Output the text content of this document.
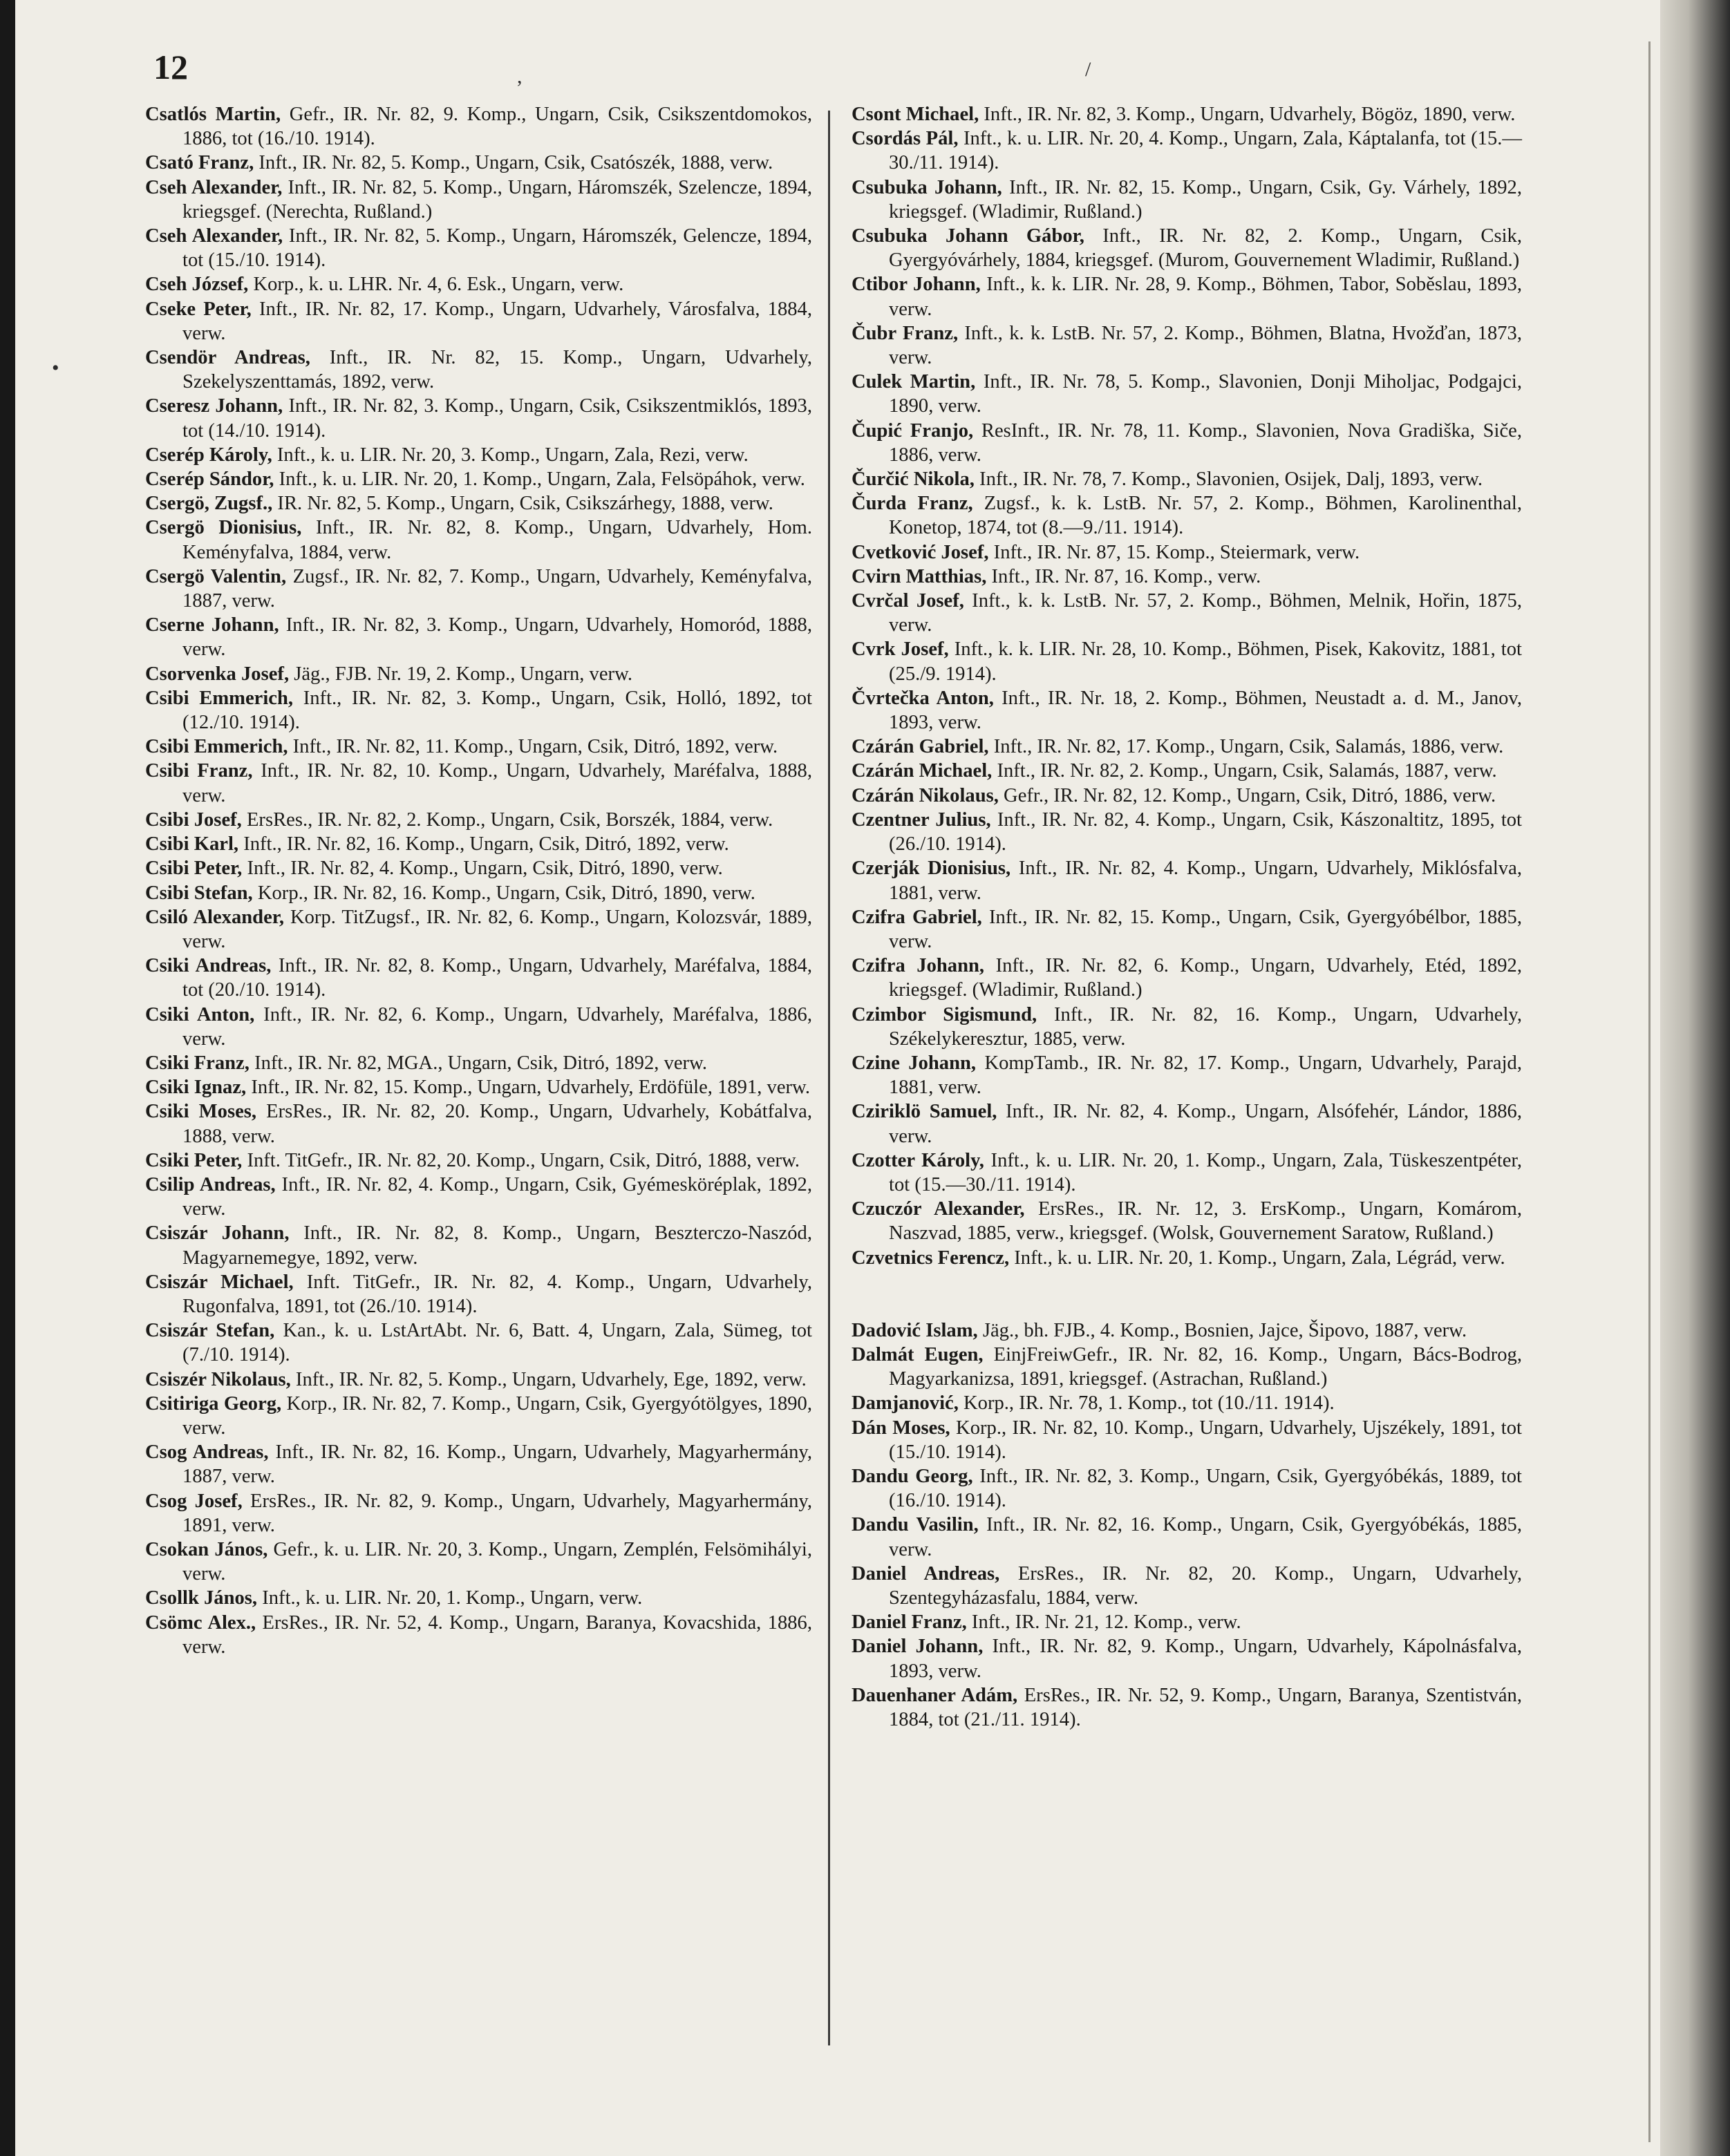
12	,	/
•
Csatlós Martin, Gefr., IR. Nr. 82, 9. Komp., Ungarn, Csik, Csikszentdomokos, 1886, tot (16./10. 1914).
Csató Franz, Inft., IR. Nr. 82, 5. Komp., Ungarn, Csik, Csatószék, 1888, verw.
Cseh Alexander, Inft., IR. Nr. 82, 5. Komp., Ungarn, Háromszék, Szelencze, 1894, kriegsgef. (Nerechta, Rußland.)
Cseh Alexander, Inft., IR. Nr. 82, 5. Komp., Ungarn, Háromszék, Gelencze, 1894, tot (15./10. 1914).
Cseh József, Korp., k. u. LHR. Nr. 4, 6. Esk., Ungarn, verw.
Cseke Peter, Inft., IR. Nr. 82, 17. Komp., Ungarn, Udvarhely, Városfalva, 1884, verw.
Csendör Andreas, Inft., IR. Nr. 82, 15. Komp., Ungarn, Udvarhely, Szekelyszenttamás, 1892, verw.
Cseresz Johann, Inft., IR. Nr. 82, 3. Komp., Ungarn, Csik, Csikszentmiklós, 1893, tot (14./10. 1914).
Cserép Károly, Inft., k. u. LIR. Nr. 20, 3. Komp., Ungarn, Zala, Rezi, verw.
Cserép Sándor, Inft., k. u. LIR. Nr. 20, 1. Komp., Ungarn, Zala, Felsöpáhok, verw.
Csergö, Zugsf., IR. Nr. 82, 5. Komp., Ungarn, Csik, Csikszárhegy, 1888, verw.
Csergö Dionisius, Inft., IR. Nr. 82, 8. Komp., Ungarn, Udvarhely, Hom. Keményfalva, 1884, verw.
Csergö Valentin, Zugsf., IR. Nr. 82, 7. Komp., Ungarn, Udvarhely, Keményfalva, 1887, verw.
Cserne Johann, Inft., IR. Nr. 82, 3. Komp., Ungarn, Udvarhely, Homoród, 1888, verw.
Csorvenka Josef, Jäg., FJB. Nr. 19, 2. Komp., Ungarn, verw.
Csibi Emmerich, Inft., IR. Nr. 82, 3. Komp., Ungarn, Csik, Holló, 1892, tot (12./10. 1914).
Csibi Emmerich, Inft., IR. Nr. 82, 11. Komp., Ungarn, Csik, Ditró, 1892, verw.
Csibi Franz, Inft., IR. Nr. 82, 10. Komp., Ungarn, Udvarhely, Maréfalva, 1888, verw.
Csibi Josef, ErsRes., IR. Nr. 82, 2. Komp., Ungarn, Csik, Borszék, 1884, verw.
Csibi Karl, Inft., IR. Nr. 82, 16. Komp., Ungarn, Csik, Ditró, 1892, verw.
Csibi Peter, Inft., IR. Nr. 82, 4. Komp., Ungarn, Csik, Ditró, 1890, verw.
Csibi Stefan, Korp., IR. Nr. 82, 16. Komp., Ungarn, Csik, Ditró, 1890, verw.
Csiló Alexander, Korp. TitZugsf., IR. Nr. 82, 6. Komp., Ungarn, Kolozsvár, 1889, verw.
Csiki Andreas, Inft., IR. Nr. 82, 8. Komp., Ungarn, Udvarhely, Maréfalva, 1884, tot (20./10. 1914).
Csiki Anton, Inft., IR. Nr. 82, 6. Komp., Ungarn, Udvarhely, Maréfalva, 1886, verw.
Csiki Franz, Inft., IR. Nr. 82, MGA., Ungarn, Csik, Ditró, 1892, verw.
Csiki Ignaz, Inft., IR. Nr. 82, 15. Komp., Ungarn, Udvarhely, Erdöfüle, 1891, verw.
Csiki Moses, ErsRes., IR. Nr. 82, 20. Komp., Ungarn, Udvarhely, Kobátfalva, 1888, verw.
Csiki Peter, Inft. TitGefr., IR. Nr. 82, 20. Komp., Ungarn, Csik, Ditró, 1888, verw.
Csilip Andreas, Inft., IR. Nr. 82, 4. Komp., Ungarn, Csik, Gyémesköréplak, 1892, verw.
Csiszár Johann, Inft., IR. Nr. 82, 8. Komp., Ungarn, Beszterczo-Naszód, Magyarnemegye, 1892, verw.
Csiszár Michael, Inft. TitGefr., IR. Nr. 82, 4. Komp., Ungarn, Udvarhely, Rugonfalva, 1891, tot (26./10. 1914).
Csiszár Stefan, Kan., k. u. LstArtAbt. Nr. 6, Batt. 4, Ungarn, Zala, Sümeg, tot (7./10. 1914).
Csiszér Nikolaus, Inft., IR. Nr. 82, 5. Komp., Ungarn, Udvarhely, Ege, 1892, verw.
Csitiriga Georg, Korp., IR. Nr. 82, 7. Komp., Ungarn, Csik, Gyergyótölgyes, 1890, verw.
Csog Andreas, Inft., IR. Nr. 82, 16. Komp., Ungarn, Udvarhely, Magyarhermány, 1887, verw.
Csog Josef, ErsRes., IR. Nr. 82, 9. Komp., Ungarn, Udvarhely, Magyarhermány, 1891, verw.
Csokan János, Gefr., k. u. LIR. Nr. 20, 3. Komp., Ungarn, Zemplén, Felsömihályi, verw.
Csollk János, Inft., k. u. LIR. Nr. 20, 1. Komp., Ungarn, verw.
Csömc Alex., ErsRes., IR. Nr. 52, 4. Komp., Ungarn, Baranya, Kovacshida, 1886, verw.
Csont Michael, Inft., IR. Nr. 82, 3. Komp., Ungarn, Udvarhely, Bögöz, 1890, verw.
Csordás Pál, Inft., k. u. LIR. Nr. 20, 4. Komp., Ungarn, Zala, Káptalanfa, tot (15.—30./11. 1914).
Csubuka Johann, Inft., IR. Nr. 82, 15. Komp., Ungarn, Csik, Gy. Várhely, 1892, kriegsgef. (Wladimir, Rußland.)
Csubuka Johann Gábor, Inft., IR. Nr. 82, 2. Komp., Ungarn, Csik, Gyergyóvárhely, 1884, kriegsgef. (Murom, Gouvernement Wladimir, Rußland.)
Ctibor Johann, Inft., k. k. LIR. Nr. 28, 9. Komp., Böhmen, Tabor, Soběslau, 1893, verw.
Čubr Franz, Inft., k. k. LstB. Nr. 57, 2. Komp., Böhmen, Blatna, Hvožďan, 1873, verw.
Culek Martin, Inft., IR. Nr. 78, 5. Komp., Slavonien, Donji Miholjac, Podgajci, 1890, verw.
Čupić Franjo, ResInft., IR. Nr. 78, 11. Komp., Slavonien, Nova Gradiška, Siče, 1886, verw.
Čurčić Nikola, Inft., IR. Nr. 78, 7. Komp., Slavonien, Osijek, Dalj, 1893, verw.
Čurda Franz, Zugsf., k. k. LstB. Nr. 57, 2. Komp., Böhmen, Karolinenthal, Konetop, 1874, tot (8.—9./11. 1914).
Cvetković Josef, Inft., IR. Nr. 87, 15. Komp., Steiermark, verw.
Cvirn Matthias, Inft., IR. Nr. 87, 16. Komp., verw.
Cvrčal Josef, Inft., k. k. LstB. Nr. 57, 2. Komp., Böhmen, Melnik, Hořin, 1875, verw.
Cvrk Josef, Inft., k. k. LIR. Nr. 28, 10. Komp., Böhmen, Pisek, Kakovitz, 1881, tot (25./9. 1914).
Čvrtečka Anton, Inft., IR. Nr. 18, 2. Komp., Böhmen, Neustadt a. d. M., Janov, 1893, verw.
Czárán Gabriel, Inft., IR. Nr. 82, 17. Komp., Ungarn, Csik, Salamás, 1886, verw.
Czárán Michael, Inft., IR. Nr. 82, 2. Komp., Ungarn, Csik, Salamás, 1887, verw.
Czárán Nikolaus, Gefr., IR. Nr. 82, 12. Komp., Ungarn, Csik, Ditró, 1886, verw.
Czentner Julius, Inft., IR. Nr. 82, 4. Komp., Ungarn, Csik, Kászonaltitz, 1895, tot (26./10. 1914).
Czerják Dionisius, Inft., IR. Nr. 82, 4. Komp., Ungarn, Udvarhely, Miklósfalva, 1881, verw.
Czifra Gabriel, Inft., IR. Nr. 82, 15. Komp., Ungarn, Csik, Gyergyóbélbor, 1885, verw.
Czifra Johann, Inft., IR. Nr. 82, 6. Komp., Ungarn, Udvarhely, Etéd, 1892, kriegsgef. (Wladimir, Rußland.)
Czimbor Sigismund, Inft., IR. Nr. 82, 16. Komp., Ungarn, Udvarhely, Székelykeresztur, 1885, verw.
Czine Johann, KompTamb., IR. Nr. 82, 17. Komp., Ungarn, Udvarhely, Parajd, 1881, verw.
Cziriklö Samuel, Inft., IR. Nr. 82, 4. Komp., Ungarn, Alsófehér, Lándor, 1886, verw.
Czotter Károly, Inft., k. u. LIR. Nr. 20, 1. Komp., Ungarn, Zala, Tüskeszentpéter, tot (15.—30./11. 1914).
Czuczór Alexander, ErsRes., IR. Nr. 12, 3. ErsKomp., Ungarn, Komárom, Naszvad, 1885, verw., kriegsgef. (Wolsk, Gouvernement Saratow, Rußland.)
Czvetnics Ferencz, Inft., k. u. LIR. Nr. 20, 1. Komp., Ungarn, Zala, Légrád, verw.
Dadović Islam, Jäg., bh. FJB., 4. Komp., Bosnien, Jajce, Šipovo, 1887, verw.
Dalmát Eugen, EinjFreiwGefr., IR. Nr. 82, 16. Komp., Ungarn, Bács-Bodrog, Magyarkanizsa, 1891, kriegsgef. (Astrachan, Rußland.)
Damjanović, Korp., IR. Nr. 78, 1. Komp., tot (10./11. 1914).
Dán Moses, Korp., IR. Nr. 82, 10. Komp., Ungarn, Udvarhely, Ujszékely, 1891, tot (15./10. 1914).
Dandu Georg, Inft., IR. Nr. 82, 3. Komp., Ungarn, Csik, Gyergyóbékás, 1889, tot (16./10. 1914).
Dandu Vasilin, Inft., IR. Nr. 82, 16. Komp., Ungarn, Csik, Gyergyóbékás, 1885, verw.
Daniel Andreas, ErsRes., IR. Nr. 82, 20. Komp., Ungarn, Udvarhely, Szentegyházasfalu, 1884, verw.
Daniel Franz, Inft., IR. Nr. 21, 12. Komp., verw.
Daniel Johann, Inft., IR. Nr. 82, 9. Komp., Ungarn, Udvarhely, Kápolnásfalva, 1893, verw.
Dauenhaner Adám, ErsRes., IR. Nr. 52, 9. Komp., Ungarn, Baranya, Szentistván, 1884, tot (21./11. 1914).
